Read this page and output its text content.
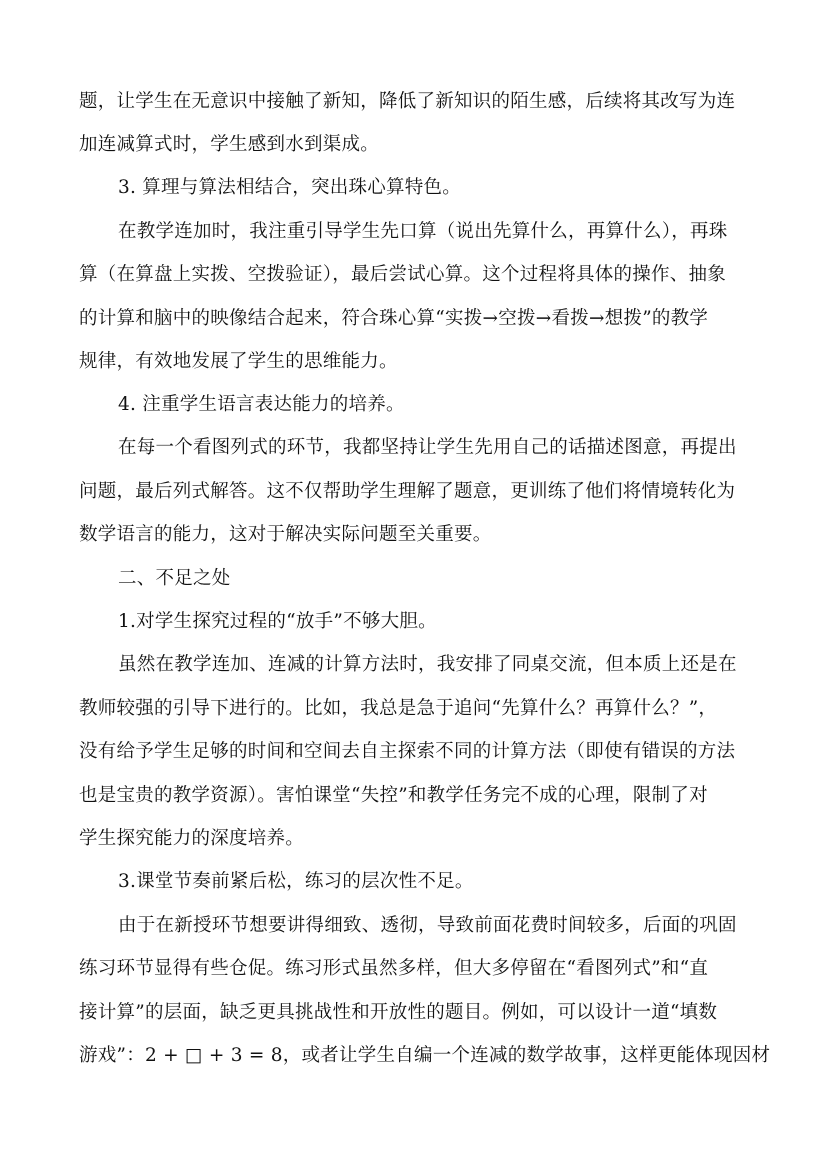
题，让学生在无意识中接触了新知，降低了新知识的陌生感，后续将其改写为连
加连减算式时，学生感到水到渠成。
3. 算理与算法相结合，突出珠心算特色。
在教学连加时，我注重引导学生先口算（说出先算什么，再算什么），再珠
算（在算盘上实拨、空拨验证），最后尝试心算。这个过程将具体的操作、抽象
的计算和脑中的映像结合起来，符合珠心算“实拨→空拨→看拨→想拨”的教学
规律，有效地发展了学生的思维能力。
4. 注重学生语言表达能力的培养。
在每一个看图列式的环节，我都坚持让学生先用自己的话描述图意，再提出
问题，最后列式解答。这不仅帮助学生理解了题意，更训练了他们将情境转化为
数学语言的能力，这对于解决实际问题至关重要。
二、不足之处
1.对学生探究过程的“放手”不够大胆。
虽然在教学连加、连减的计算方法时，我安排了同桌交流，但本质上还是在
教师较强的引导下进行的。比如，我总是急于追问“先算什么？再算什么？”，
没有给予学生足够的时间和空间去自主探索不同的计算方法（即使有错误的方法
也是宝贵的教学资源）。害怕课堂“失控”和教学任务完不成的心理，限制了对
学生探究能力的深度培养。
3.课堂节奏前紧后松，练习的层次性不足。
由于在新授环节想要讲得细致、透彻，导致前面花费时间较多，后面的巩固
练习环节显得有些仓促。练习形式虽然多样，但大多停留在“看图列式”和“直
接计算”的层面，缺乏更具挑战性和开放性的题目。例如，可以设计一道“填数
游戏”：2 + □ + 3 = 8，或者让学生自编一个连减的数学故事，这样更能体现因材
